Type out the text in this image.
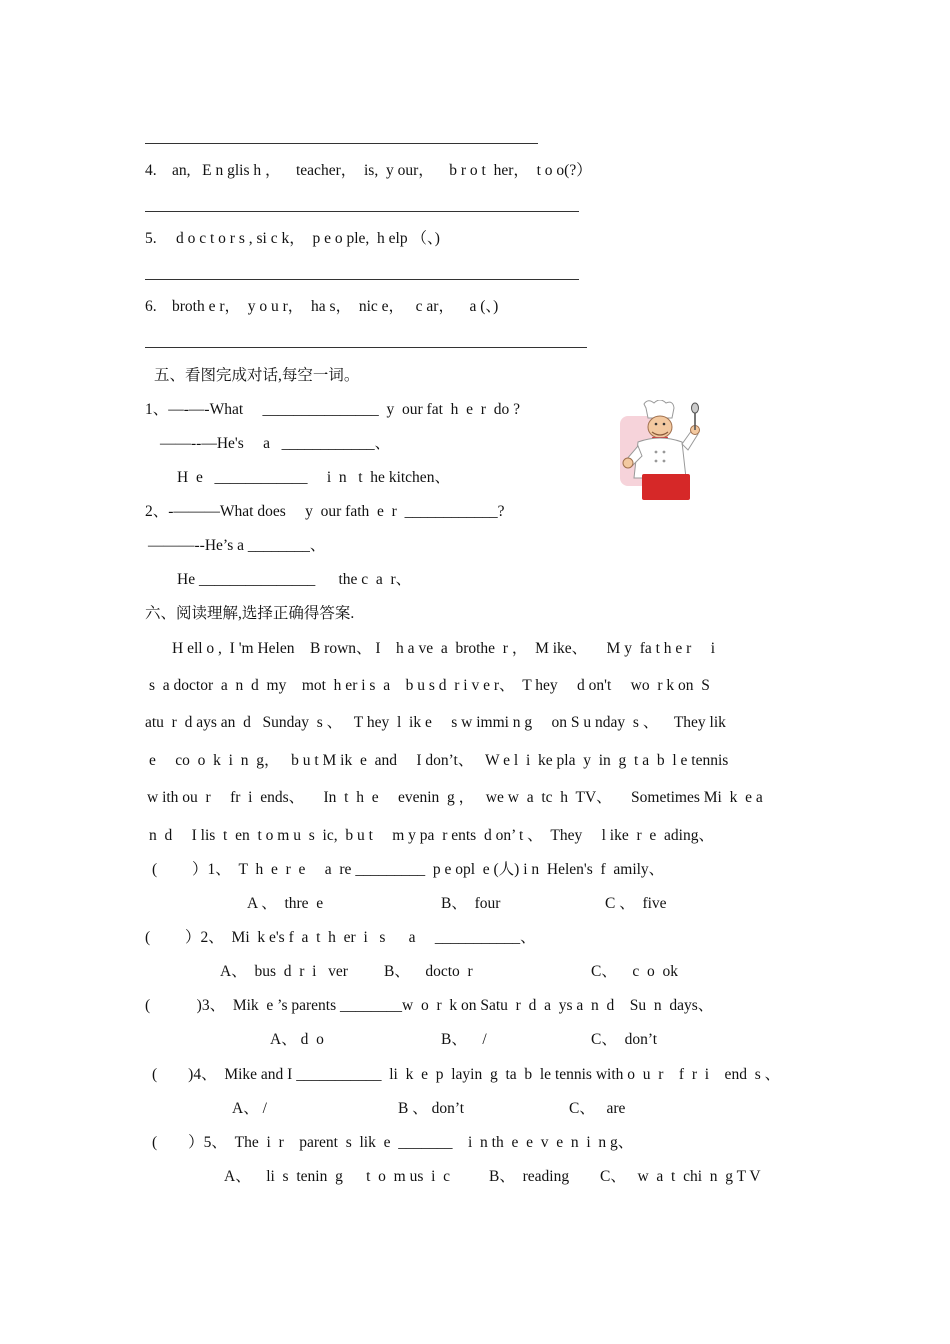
4. an,   E n glis h ，    teacher，  is,  y our，    b r o t  her，  t o o(?）
5. d o c t o r s , si c k，  p e o ple,  h elp （、)
6. broth e r，  y o u r，  ha s，  nic e，   c ar，    a (、)
五、看图完成对话,每空一词。
1、—-—-What     _______________  y  our fat  h  e  r  do ?
——--—He's     a   ____________、
H  e   ____________     i  n   t  he kitchen、
2、-———What does     y  our fath  e  r  ____________?
———--He’s a ________、
He _______________      the c  a  r、
六、阅读理解,选择正确得答案.
H ell o ,  I 'm Helen    B rown、 I    h a ve  a  brothe  r ，  M ike、     M y  fa t h e r     i
s  a doctor  a  n  d  my    mot  h er i s  a    b u s d  r i v e r、  T hey     d on't     wo  r k on  S
atu  r  d ays an  d   Sunday  s 、   T hey  l  ik e     s w immi n g     on S u nday  s 、    They lik
e     co  o  k  i  n  g，   b u t M ik  e  and     I don’t、   W e l  i  ke pla  y  in  g  t a  b  l e tennis
w ith ou  r     fr  i  ends、     In  t  h  e     evenin  g ，   we w  a  tc  h  TV、     Sometimes Mi  k  e a
n  d     I lis  t  en  t o m u  s  ic,  b u t     m y pa  r ents  d on’ t 、  They     l ike  r  e  ading、
(         ）1、  T  h  e  r  e     a  re _________  p e opl  e (人) i n  Helen's  f  amily、
A 、  thre  e	B、  four	C 、  five
(         ）2、  Mi  k e's f  a  t  h  er  i   s      a     ___________、
A、  bus  d  r  i   ver B、    docto  r	C、    c  o  ok
(            )3、  Mik  e ’s parents ________w  o  r  k on Satu  r  d  a  ys a  n  d    Su  n  days、
A、 d  o	B、    /	C、  don’t
(        )4、  Mike and I ___________  li  k  e  p  layin  g  ta  b  le tennis with o  u  r    f  r  i    end  s 、
A、 /	B 、 don’t	C、   are
(        ）5、  The  i  r    parent  s  lik  e  _______    i  n th  e  e  v  e  n  i  n g、
A、    li  s  tenin  g      t  o  m us  i  c	B、  reading C、   w  a  t  chi  n  g T V
